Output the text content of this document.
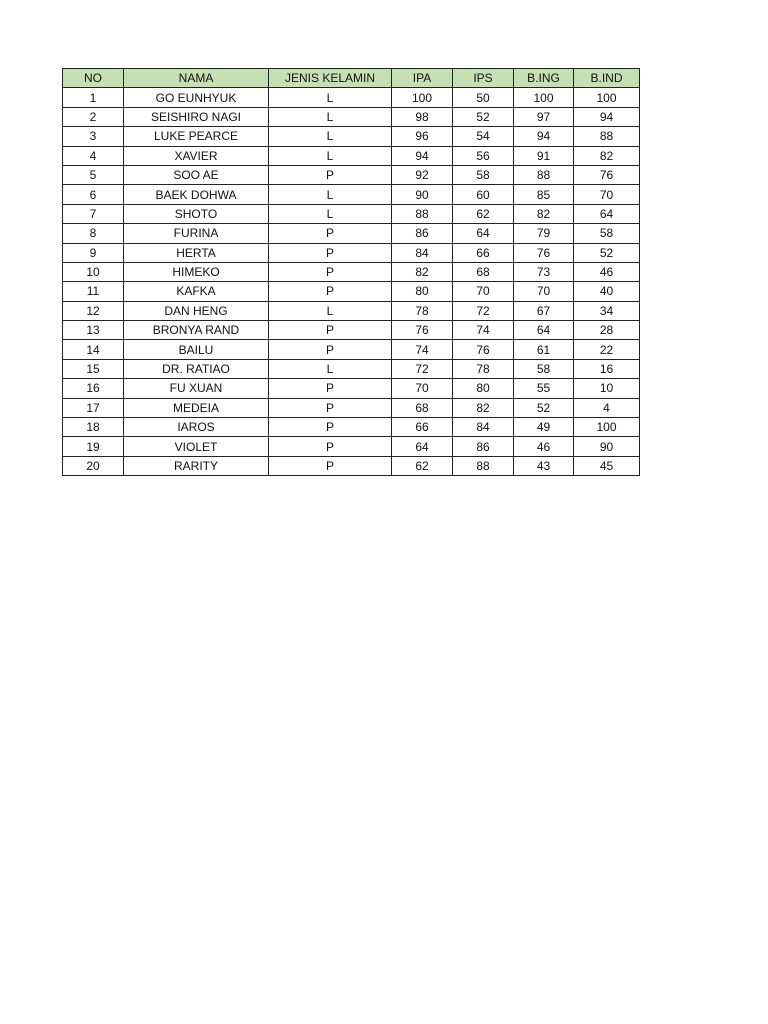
NO	NAMA	JENIS KELAMIN	IPA	IPS	B.ING	B.IND
1	GO EUNHYUK	L	100	50	100	100
2	SEISHIRO NAGI	L	98	52	97	94
3	LUKE PEARCE	L	96	54	94	88
4	XAVIER	L	94	56	91	82
5	SOO AE	P	92	58	88	76
6	BAEK DOHWA	L	90	60	85	70
7	SHOTO	L	88	62	82	64
8	FURINA	P	86	64	79	58
9	HERTA	P	84	66	76	52
10	HIMEKO	P	82	68	73	46
11	KAFKA	P	80	70	70	40
12	DAN HENG	L	78	72	67	34
13	BRONYA RAND	P	76	74	64	28
14	BAILU	P	74	76	61	22
15	DR. RATIAO	L	72	78	58	16
16	FU XUAN	P	70	80	55	10
17	MEDEIA	P	68	82	52	4
18	IAROS	P	66	84	49	100
19	VIOLET	P	64	86	46	90
20	RARITY	P	62	88	43	45
